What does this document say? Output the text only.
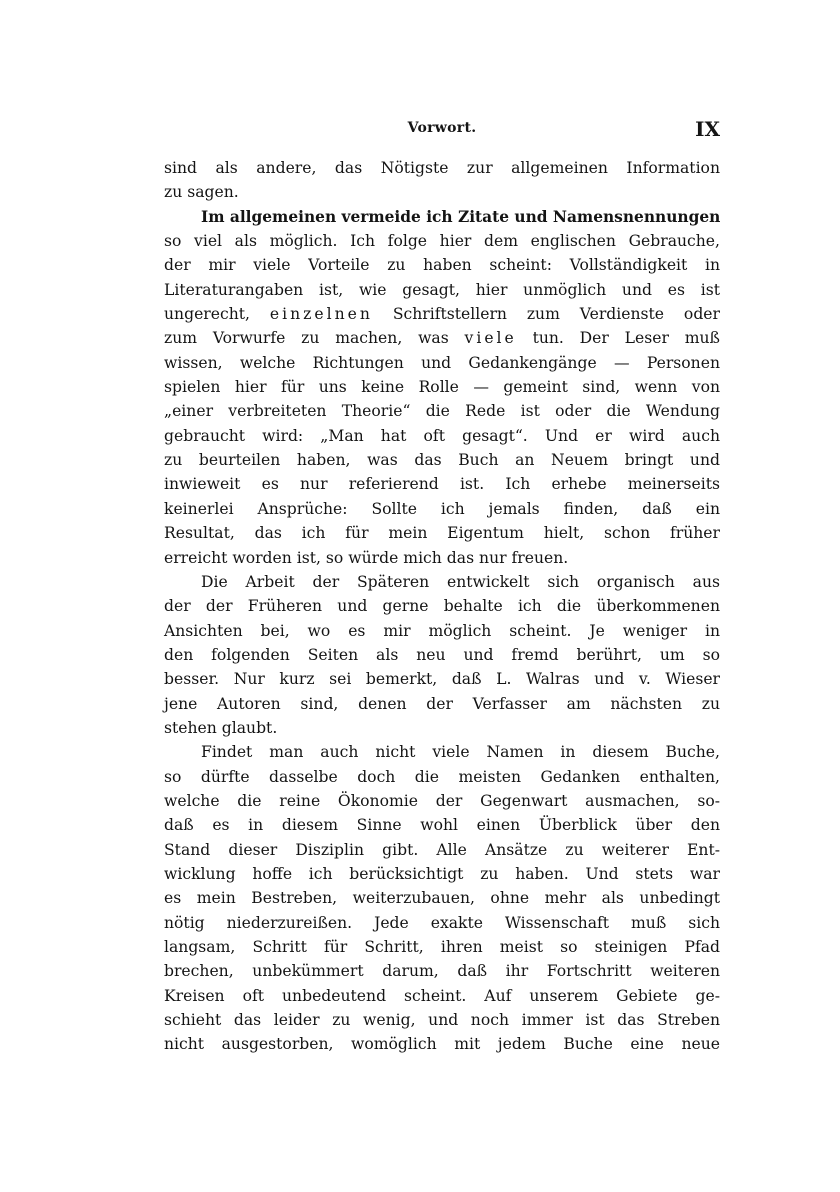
Vorwort.	IX
sind als andere, das Nötigste zur allgemeinen Information
zu sagen.
Im allgemeinen vermeide ich Zitate und Namensnennungen
so viel als möglich. Ich folge hier dem englischen Gebrauche,
der mir viele Vorteile zu haben scheint: Vollständigkeit in
Literaturangaben ist, wie gesagt, hier unmöglich und es ist
ungerecht, einzelnen Schriftstellern zum Verdienste oder
zum Vorwurfe zu machen, was viele tun. Der Leser muß
wissen, welche Richtungen und Gedankengänge — Personen
spielen hier für uns keine Rolle — gemeint sind, wenn von
„einer verbreiteten Theorie“ die Rede ist oder die Wendung
gebraucht wird: „Man hat oft gesagt“. Und er wird auch
zu beurteilen haben, was das Buch an Neuem bringt und
inwieweit es nur referierend ist. Ich erhebe meinerseits
keinerlei Ansprüche: Sollte ich jemals finden, daß ein
Resultat, das ich für mein Eigentum hielt, schon früher
erreicht worden ist, so würde mich das nur freuen.
Die Arbeit der Späteren entwickelt sich organisch aus
der der Früheren und gerne behalte ich die überkommenen
Ansichten bei, wo es mir möglich scheint. Je weniger in
den folgenden Seiten als neu und fremd berührt, um so
besser. Nur kurz sei bemerkt, daß L. Walras und v. Wieser
jene Autoren sind, denen der Verfasser am nächsten zu
stehen glaubt.
Findet man auch nicht viele Namen in diesem Buche,
so dürfte dasselbe doch die meisten Gedanken enthalten,
welche die reine Ökonomie der Gegenwart ausmachen, so-
daß es in diesem Sinne wohl einen Überblick über den
Stand dieser Disziplin gibt. Alle Ansätze zu weiterer Ent-
wicklung hoffe ich berücksichtigt zu haben. Und stets war
es mein Bestreben, weiterzubauen, ohne mehr als unbedingt
nötig niederzureißen. Jede exakte Wissenschaft muß sich
langsam, Schritt für Schritt, ihren meist so steinigen Pfad
brechen, unbekümmert darum, daß ihr Fortschritt weiteren
Kreisen oft unbedeutend scheint. Auf unserem Gebiete ge-
schieht das leider zu wenig, und noch immer ist das Streben
nicht ausgestorben, womöglich mit jedem Buche eine neue
